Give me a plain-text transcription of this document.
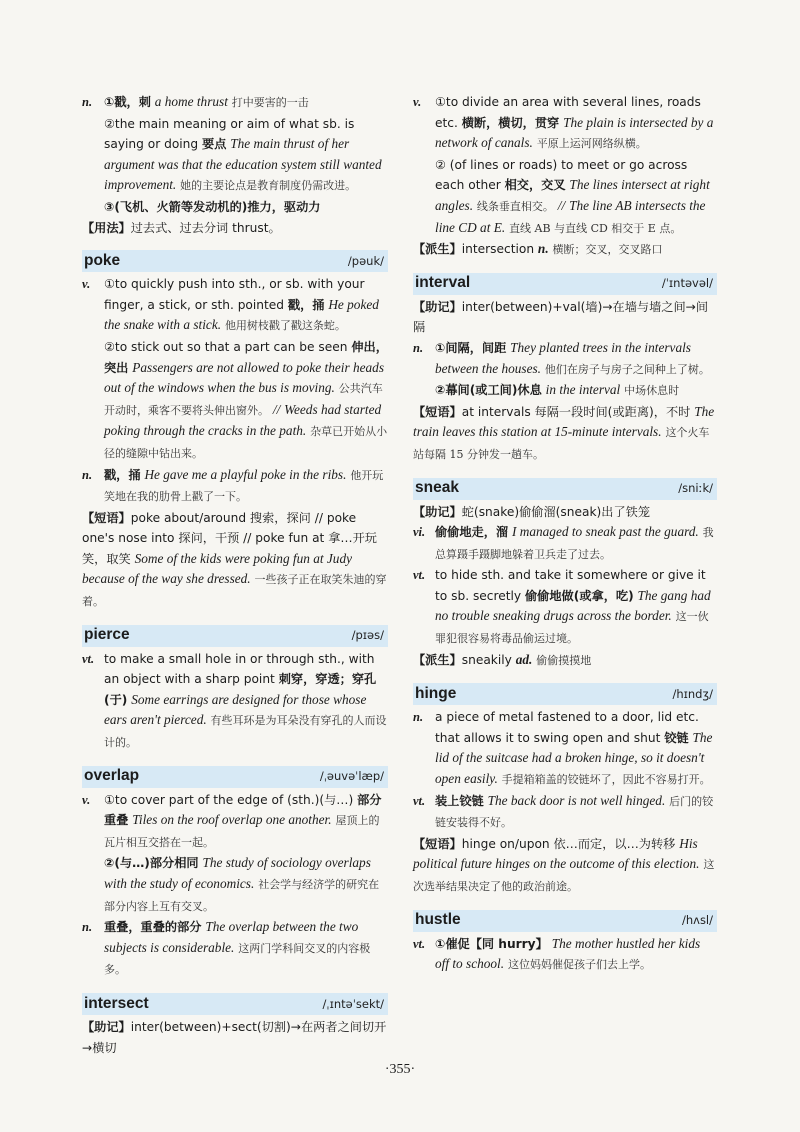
n. ①戳，刺 a home thrust 打中要害的一击
②the main meaning or aim of what sb. is saying or doing 要点 The main thrust of her argument was that the education system still wanted improvement. 她的主要论点是教育制度仍需改进。
③(飞机、火箭等发动机的)推力，驱动力
【用法】过去式、过去分词 thrust。
poke	/pəuk/
v.	①to quickly push into sth., or sb. with your finger, a stick, or sth. pointed 戳，捅 He poked the snake with a stick. 他用树枝戳了戳这条蛇。
②to stick out so that a part can be seen 伸出，突出 Passengers are not allowed to poke their heads out of the windows when the bus is moving. 公共汽车开动时，乘客不要将头伸出窗外。 // Weeds had started poking through the cracks in the path. 杂草已开始从小径的缝隙中钻出来。
n. 戳，捅 He gave me a playful poke in the ribs. 他开玩笑地在我的肋骨上戳了一下。
【短语】poke about/around 搜索，探问 // poke one's nose into 探问，干预 // poke fun at 拿…开玩笑，取笑 Some of the kids were poking fun at Judy because of the way she dressed. 一些孩子正在取笑朱迪的穿着。
pierce	/pɪəs/
vt. to make a small hole in or through sth., with an object with a sharp point 刺穿，穿透；穿孔(于) Some earrings are designed for those whose ears aren't pierced. 有些耳环是为耳朵没有穿孔的人而设计的。
overlap	/ˌəuvəˈlæp/
v.	①to cover part of the edge of (sth.)(与…) 部分重叠 Tiles on the roof overlap one another. 屋顶上的瓦片相互交搭在一起。
②(与…)部分相同 The study of sociology overlaps with the study of economics. 社会学与经济学的研究在部分内容上互有交叉。
n. 重叠，重叠的部分 The overlap between the two subjects is considerable. 这两门学科间交叉的内容极多。
intersect	/ˌɪntəˈsekt/
【助记】inter(between)+sect(切割)→在两者之间切开→横切
v.	①to divide an area with several lines, roads etc. 横断，横切，贯穿 The plain is intersected by a network of canals. 平原上运河网络纵横。
② (of lines or roads) to meet or go across each other 相交，交叉 The lines intersect at right angles. 线条垂直相交。 // The line AB intersects the line CD at E. 直线 AB 与直线 CD 相交于 E 点。
【派生】intersection n. 横断；交叉，交叉路口
interval	/ˈɪntəvəl/
【助记】inter(between)+val(墙)→在墙与墙之间→间隔
n. ①间隔，间距 They planted trees in the intervals between the houses. 他们在房子与房子之间种上了树。
②幕间(或工间)休息 in the interval 中场休息时
【短语】at intervals 每隔一段时间(或距离)，不时 The train leaves this station at 15-minute intervals. 这个火车站每隔 15 分钟发一趟车。
sneak	/sniːk/
【助记】蛇(snake)偷偷溜(sneak)出了铁笼
vi. 偷偷地走，溜 I managed to sneak past the guard. 我总算蹑手蹑脚地躲着卫兵走了过去。
vt. to hide sth. and take it somewhere or give it to sb. secretly 偷偷地做(或拿，吃) The gang had no trouble sneaking drugs across the border. 这一伙罪犯很容易将毒品偷运过境。
【派生】sneakily ad. 偷偷摸摸地
hinge	/hɪndʒ/
n. a piece of metal fastened to a door, lid etc. that allows it to swing open and shut 铰链 The lid of the suitcase had a broken hinge, so it doesn't open easily. 手提箱箱盖的铰链坏了，因此不容易打开。
vt. 装上铰链 The back door is not well hinged. 后门的铰链安装得不好。
【短语】hinge on/upon 依…而定，以…为转移 His political future hinges on the outcome of this election. 这次选举结果决定了他的政治前途。
hustle	/hʌsl/
vt. ①催促【同 hurry】 The mother hustled her kids off to school. 这位妈妈催促孩子们去上学。
·355·
